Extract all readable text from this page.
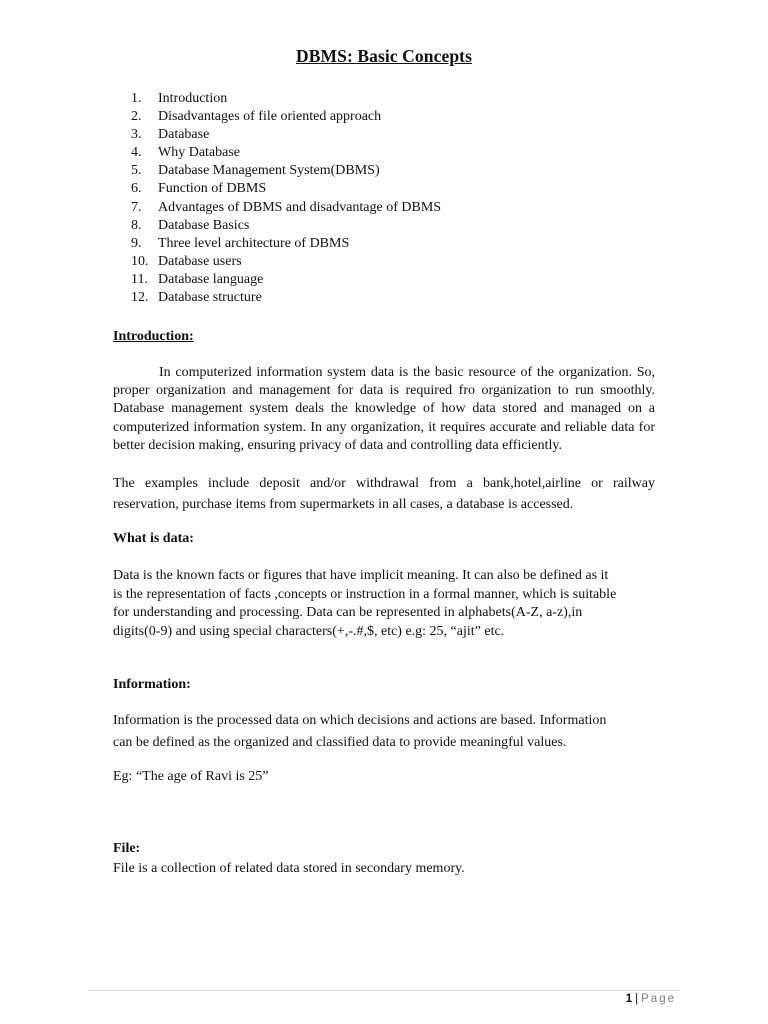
DBMS: Basic Concepts
1. Introduction
2. Disadvantages of file oriented approach
3. Database
4. Why Database
5. Database Management System(DBMS)
6. Function of DBMS
7. Advantages of DBMS and disadvantage of DBMS
8. Database Basics
9. Three level architecture of DBMS
10. Database users
11. Database language
12. Database structure
Introduction:
In computerized information system data is the basic resource of the organization. So, proper organization and management for data is required fro organization to run smoothly. Database management system deals the knowledge of how data stored and managed on a computerized information system. In any organization, it requires accurate and reliable data for better decision making, ensuring privacy of data and controlling data efficiently.
The examples include deposit and/or withdrawal from a bank,hotel,airline or railway
reservation, purchase items from supermarkets in all cases, a database is accessed.
What is data:
Data is the known facts or figures that have implicit meaning. It can also be defined as it
is the representation of facts ,concepts or instruction in a formal manner, which is suitable
for understanding and processing. Data can be represented in alphabets(A-Z, a-z),in
digits(0-9) and using special characters(+,-.#,$, etc) e.g: 25, “ajit” etc.
Information:
Information is the processed data on which decisions and actions are based. Information
can be defined as the organized and classified data to provide meaningful values.
Eg: “The age of Ravi is 25”
File:
File is a collection of related data stored in secondary memory.
1 | Page
